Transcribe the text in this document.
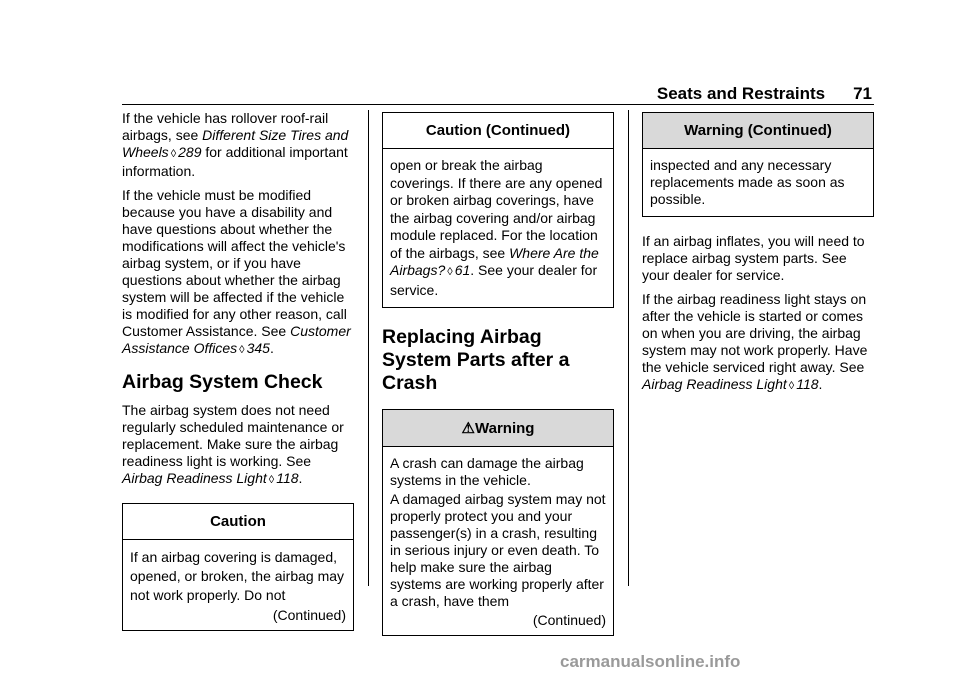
Seats and Restraints 71

If the vehicle has rollover roof-rail airbags, see Different Size Tires and Wheels ◊ 289 for additional important information.

If the vehicle must be modified because you have a disability and have questions about whether the modifications will affect the vehicle's airbag system, or if you have questions about whether the airbag system will be affected if the vehicle is modified for any other reason, call Customer Assistance. See Customer Assistance Offices ◊ 345.

Airbag System Check

The airbag system does not need regularly scheduled maintenance or replacement. Make sure the airbag readiness light is working. See Airbag Readiness Light ◊ 118.

Caution

If an airbag covering is damaged, opened, or broken, the airbag may not work properly. Do not

(Continued)
Caution (Continued)

open or break the airbag coverings. If there are any opened or broken airbag coverings, have the airbag covering and/or airbag module replaced. For the location of the airbags, see Where Are the Airbags? ◊ 61. See your dealer for service.

Replacing Airbag System Parts after a Crash
⚠Warning

A crash can damage the airbag systems in the vehicle.

A damaged airbag system may not properly protect you and your passenger(s) in a crash, resulting in serious injury or even death. To help make sure the airbag systems are working properly after a crash, have them

(Continued)
Warning (Continued)

inspected and any necessary replacements made as soon as possible.

If an airbag inflates, you will need to replace airbag system parts. See your dealer for service.

If the airbag readiness light stays on after the vehicle is started or comes on when you are driving, the airbag system may not work properly. Have the vehicle serviced right away. See Airbag Readiness Light ◊ 118.

carmanualsonline.info
